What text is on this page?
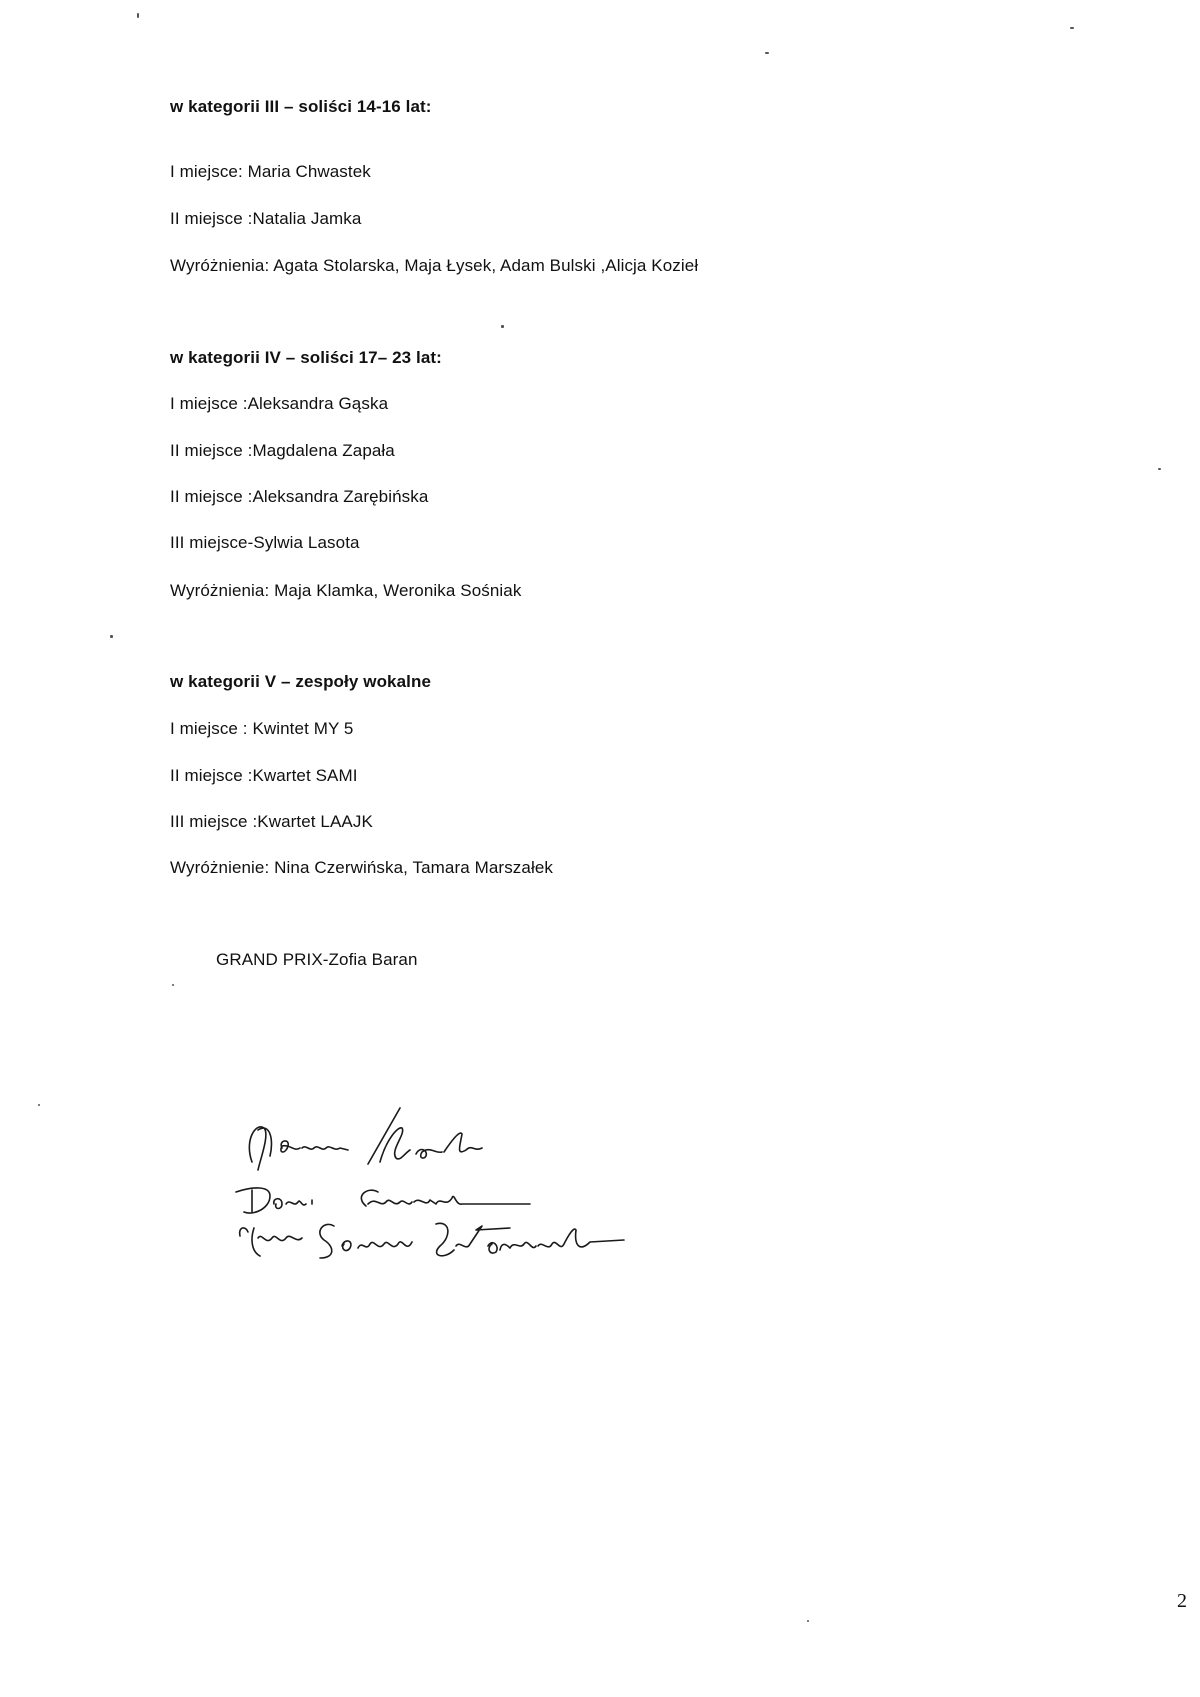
w kategorii III – soliści 14-16 lat:
I miejsce: Maria Chwastek
II miejsce :Natalia Jamka
Wyróżnienia: Agata Stolarska, Maja Łysek, Adam Bulski ,Alicja Kozieł
w kategorii IV – soliści 17– 23 lat:
I miejsce :Aleksandra Gąska
II miejsce :Magdalena Zapała
II miejsce :Aleksandra Zarębińska
III miejsce-Sylwia Lasota
Wyróżnienia: Maja Klamka, Weronika Sośniak
w kategorii V – zespoły wokalne
I miejsce : Kwintet MY 5
II miejsce :Kwartet SAMI
III miejsce :Kwartet LAAJK
Wyróżnienie: Nina Czerwińska, Tamara Marszałek
GRAND PRIX-Zofia Baran
2
